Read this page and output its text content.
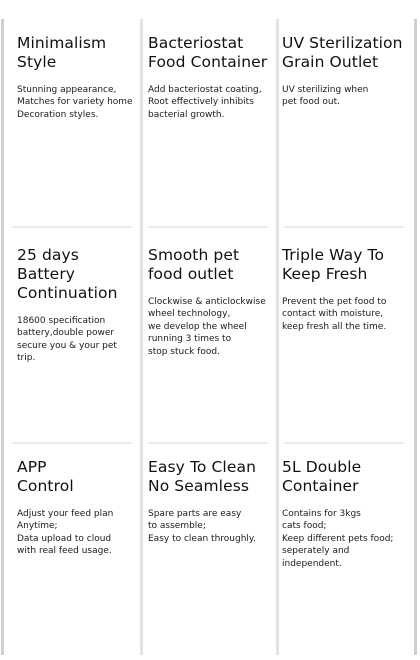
Minimalism
Style

Stunning appearance,
Matches for variety home
Decoration styles.

Bacteriostat
Food Container

Add bacteriostat coating,
Root effectively inhibits
bacterial growth.

UV Sterilization
Grain Outlet

UV sterilizing when
pet food out.

25 days Battery
Continuation

18600 specification
battery,double power
secure you & your pet
trip.

Smooth pet
food outlet

Clockwise & anticlockwise
wheel technology,
we develop the wheel
running 3 times to
stop stuck food.

Triple Way To
Keep Fresh

Prevent the pet food to
contact with moisture,
keep fresh all the time.

APP
Control

Adjust your feed plan
Anytime;
Data upload to cloud
with real feed usage.

Easy To Clean
No Seamless

Spare parts are easy
to assemble;
Easy to clean throughly.

5L Double
Container

Contains for 3kgs
cats food;
Keep different pets food;
seperately and
independent.
